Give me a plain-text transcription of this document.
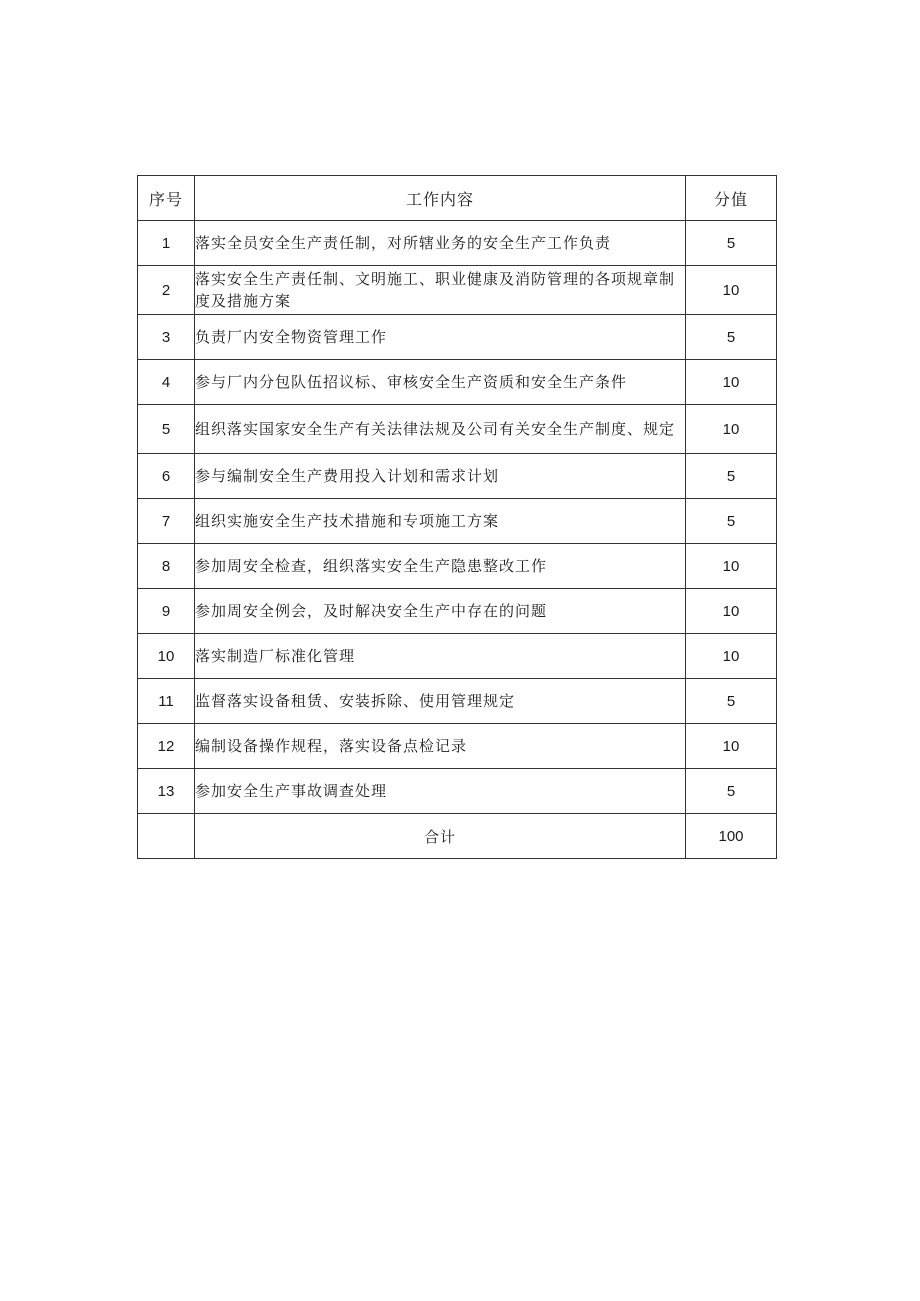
序号	工作内容	分值
1	落实全员安全生产责任制，对所辖业务的安全生产工作负责	5
2	落实安全生产责任制、文明施工、职业健康及消防管理的各项规章制度及措施方案	10
3	负责厂内安全物资管理工作	5
4	参与厂内分包队伍招议标、审核安全生产资质和安全生产条件	10
5	组织落实国家安全生产有关法律法规及公司有关安全生产制度、规定	10
6	参与编制安全生产费用投入计划和需求计划	5
7	组织实施安全生产技术措施和专项施工方案	5
8	参加周安全检查，组织落实安全生产隐患整改工作	10
9	参加周安全例会，及时解决安全生产中存在的问题	10
10	落实制造厂标准化管理	10
11	监督落实设备租赁、安装拆除、使用管理规定	5
12	编制设备操作规程，落实设备点检记录	10
13	参加安全生产事故调查处理	5
	合计	100
